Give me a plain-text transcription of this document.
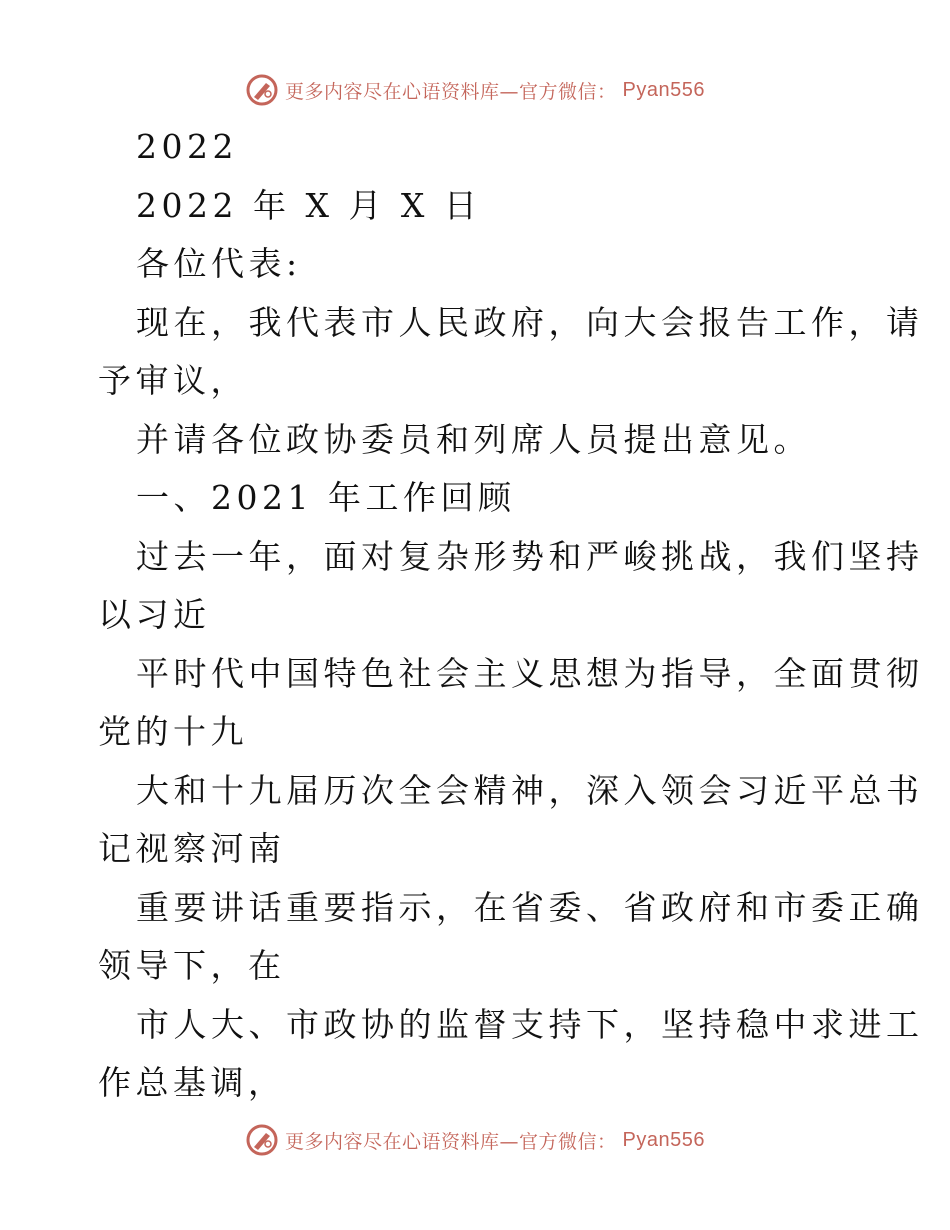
更多内容尽在心语资料库—官方微信： Pyan556
2022
2022 年 X 月 X 日
各位代表:
现在，我代表市人民政府，向大会报告工作，请
予审议，
并请各位政协委员和列席人员提出意见。
一、2021 年工作回顾
过去一年，面对复杂形势和严峻挑战，我们坚持
以习近
平时代中国特色社会主义思想为指导，全面贯彻
党的十九
大和十九届历次全会精神，深入领会习近平总书
记视察河南
重要讲话重要指示，在省委、省政府和市委正确
领导下，在
市人大、市政协的监督支持下，坚持稳中求进工
作总基调，
更多内容尽在心语资料库—官方微信： Pyan556
